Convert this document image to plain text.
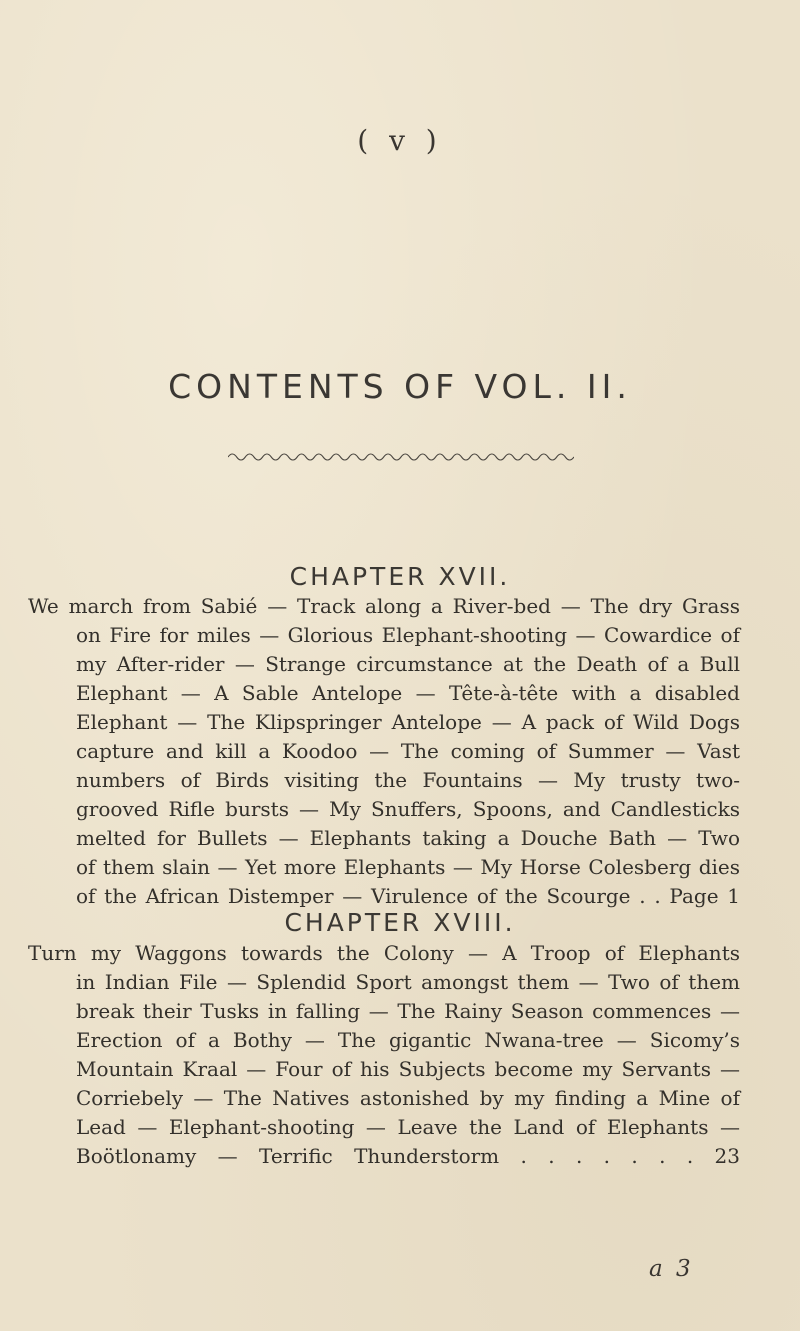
( v )
CONTENTS OF VOL. II.
CHAPTER XVII.
We march from Sabié — Track along a River-bed — The dry Grass
on Fire for miles — Glorious Elephant-shooting — Cowardice of
my After-rider — Strange circumstance at the Death of a Bull
Elephant — A Sable Antelope — Tête-à-tête with a disabled
Elephant — The Klipspringer Antelope — A pack of Wild Dogs
capture and kill a Koodoo — The coming of Summer — Vast
numbers of Birds visiting the Fountains — My trusty two-
grooved Rifle bursts — My Snuffers, Spoons, and Candlesticks
melted for Bullets — Elephants taking a Douche Bath — Two
of them slain — Yet more Elephants — My Horse Colesberg dies
of the African Distemper — Virulence of the Scourge . . Page 1
CHAPTER XVIII.
Turn my Waggons towards the Colony — A Troop of Elephants
in Indian File — Splendid Sport amongst them — Two of them
break their Tusks in falling — The Rainy Season commences —
Erection of a Bothy — The gigantic Nwana-tree — Sicomy’s
Mountain Kraal — Four of his Subjects become my Servants —
Corriebely — The Natives astonished by my finding a Mine of
Lead — Elephant-shooting — Leave the Land of Elephants —
Boötlonamy — Terrific Thunderstorm . . . . . . . 23
a 3
